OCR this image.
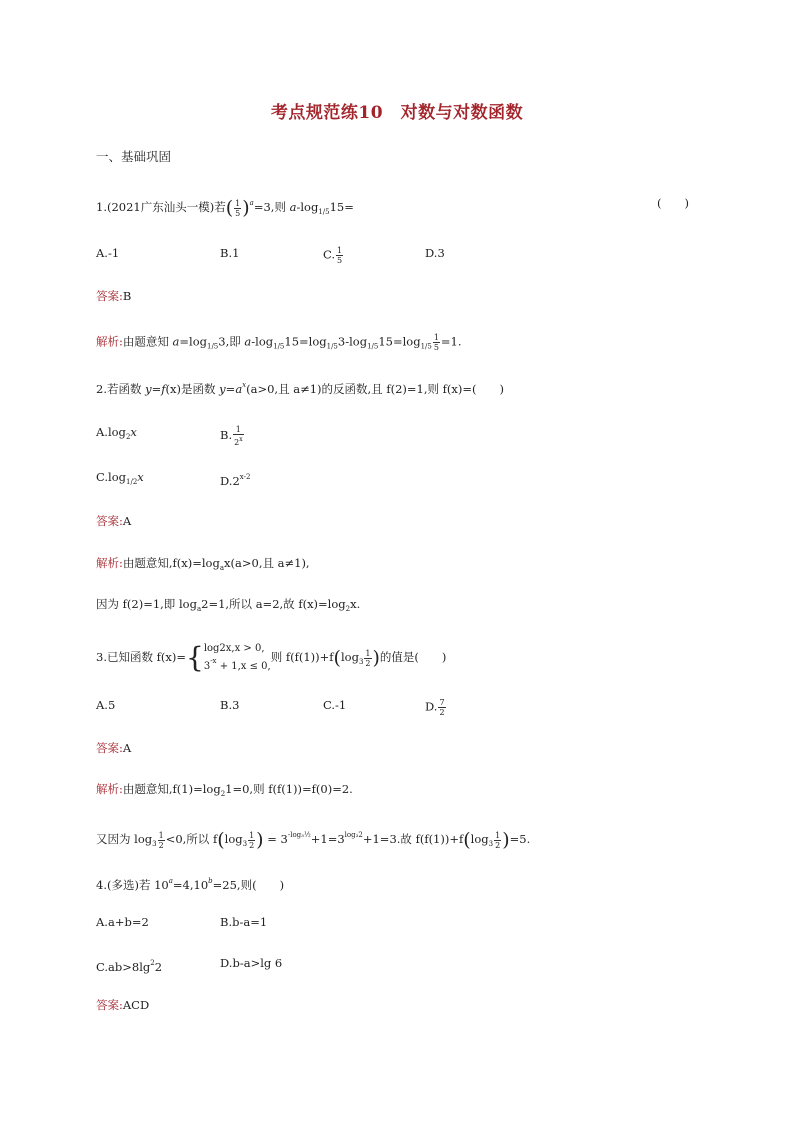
考点规范练10　对数与对数函数
一、基础巩固
1.(2021广东汕头一模)若( $\frac{1}{5} )^a=3$,则 $a-\log_{1/5}15=$	(　　)
A.-1	B.1	C. $\frac{1}{5}$	D.3
答案:B
解析:由题意知 $a=\log_{1/5}3$,即 $a-\log_{1/5}15=\log_{1/5}3-\log_{1/5}15=\log_{1/5} \frac{1}{5} =1$.
2.若函数 y=f(x)是函数 $y=a^x(a>0$,且 a≠1)的反函数,且 f(2)=1,则 f(x)=(　　)
$A.\log_2x$	B. $\frac{1}{2^x}$
$C.\log_{1/2}x$	D.2$^{x-2}$
答案:A
解析:由题意知$,f(x)=\log_ax(a>0$,且 a≠1),
因为 f(2)=1,即 $\log_a2=1$,所以 a=2,故 $f(x)=\log_2x$.
3.已知函数 f(x)={ log2x,x > 0,
$3^{-x} + 1,x \le 0$,
则 $f(f(1))+f(\log_3 \frac{1}{2}$ )的值是(　　)
A.5	B.3	C.-1	D. $\frac{7}{2}$
答案:A
解析:由题意知$,f(1)=\log_21=0$,则 f(f(1))=f(0)=2.
又因为 $\log_3 \frac{1}{2} <0$,所以 $f(\log_3 \frac{1}{2}$ ) = $3^{-log_3\frac{1}{2}}+1=3^{log_32}+1=3$.故 $f(f(1))+f(\log_3 \frac{1}{2} )=5$.
4.(多选)若 $10^a=4,10^b=25$,则(　　)
A.a+b=2	B.b-a=1
$C.ab>8\lg^22$	D.b-a>lg 6
答案:ACD
